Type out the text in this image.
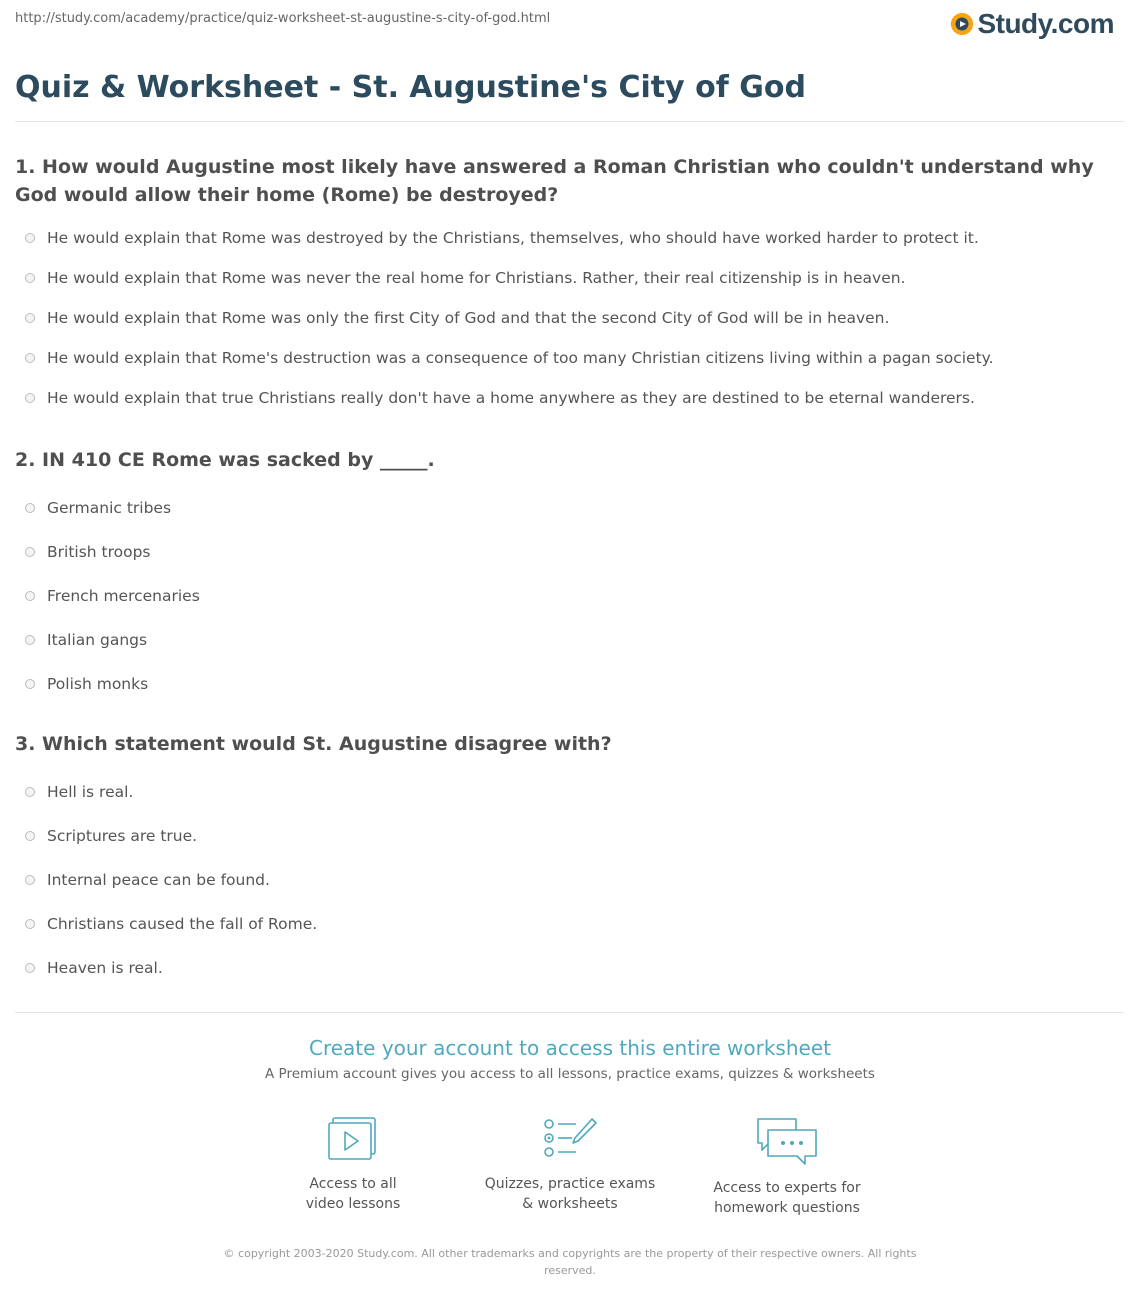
http://study.com/academy/practice/quiz-worksheet-st-augustine-s-city-of-god.html	Study.com
Quiz & Worksheet - St. Augustine's City of God

1. How would Augustine most likely have answered a Roman Christian who couldn't understand why God would allow their home (Rome) be destroyed?

He would explain that Rome was destroyed by the Christians, themselves, who should have worked harder to protect it.
He would explain that Rome was never the real home for Christians. Rather, their real citizenship is in heaven.
He would explain that Rome was only the first City of God and that the second City of God will be in heaven.
He would explain that Rome's destruction was a consequence of too many Christian citizens living within a pagan society.
He would explain that true Christians really don't have a home anywhere as they are destined to be eternal wanderers.

2. IN 410 CE Rome was sacked by _____.

Germanic tribes
British troops
French mercenaries
Italian gangs
Polish monks

3. Which statement would St. Augustine disagree with?

Hell is real.
Scriptures are true.
Internal peace can be found.
Christians caused the fall of Rome.
Heaven is real.

Create your account to access this entire worksheet

A Premium account gives you access to all lessons, practice exams, quizzes & worksheets
Access to all
video lessons
Quizzes, practice exams
& worksheets
Access to experts for
homework questions
© copyright 2003-2020 Study.com. All other trademarks and copyrights are the property of their respective owners. All rights
reserved.
